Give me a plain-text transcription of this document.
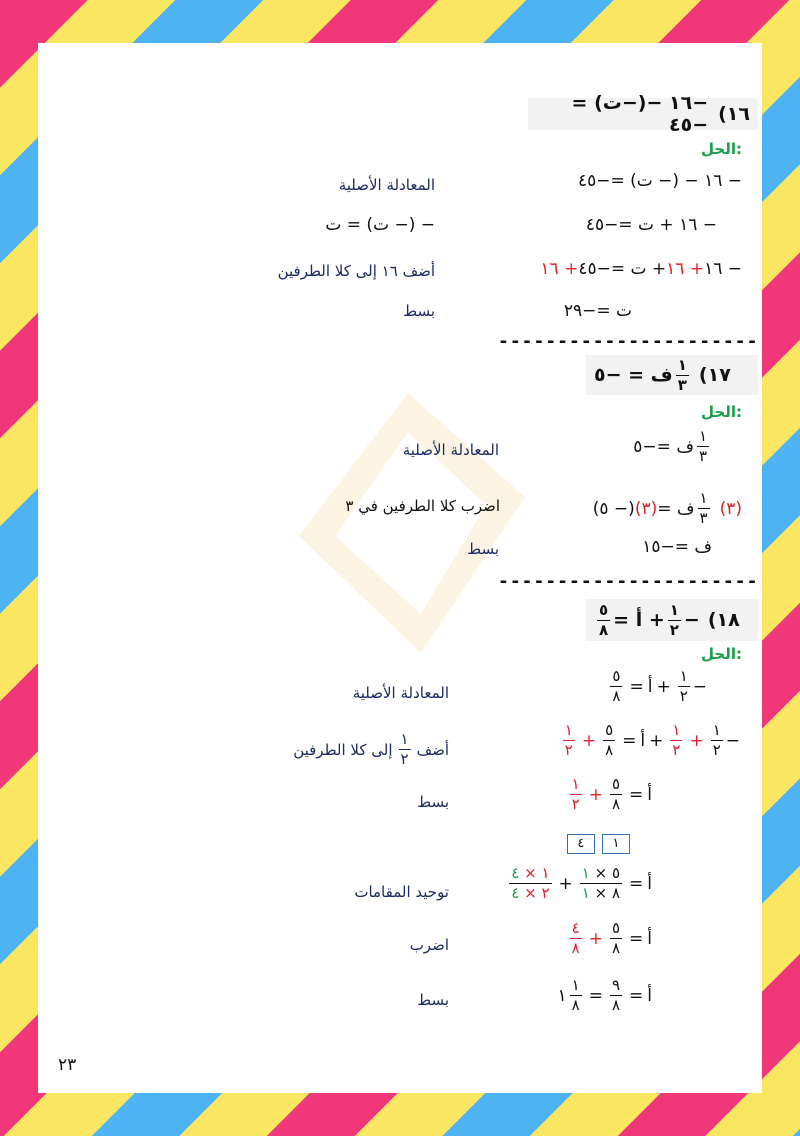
١٦)
−١٦ −(−ت) = −٤٥
الحل:
− ١٦ − (− ت) =−٤٥
المعادلة الأصلية
− ١٦ + ت =−٤٥
− (− ت) = ت
− ١٦
+ ١٦
+ ت =−٤٥
+ ١٦
أضف ١٦ إلى كلا الطرفين
ت =−٢٩
بسط
----------------------
١٧)
$\frac{١}{٣}$
ف = −٥
الحل:
$\frac{١}{٣}$
ف =−٥
المعادلة الأصلية
(٣)
$\frac{١}{٣}$
ف =
(٣)
(− ٥)
اضرب كلا الطرفين في ٣
ف =−١٥
بسط
----------------------
١٨)
−
$\frac{١}{٢}$
+ أ =
$\frac{٥}{٨}$
الحل:
−
$\frac{١}{٢}$
+
أ
=
$\frac{٥}{٨}$
المعادلة الأصلية
−
$\frac{١}{٢}$
+
$\frac{١}{٢}$
+
أ
=
$\frac{٥}{٨}$
+
$\frac{١}{٢}$
أضف
$\frac{١}{٢}$
إلى كلا الطرفين
أ
=
$\frac{٥}{٨}$
+
$\frac{١}{٢}$
بسط
١ ٤
أ
=
$\frac{٥ \times ١}{٨ \times ١}$
+
$\frac{١ \times ٤}{٢ \times ٤}$
توحيد المقامات
أ
=
$\frac{٥}{٨}$
+
$\frac{٤}{٨}$
اضرب
أ
=
$\frac{٩}{٨}$
=
$\frac{١}{٨}$
١
بسط
٢٣
